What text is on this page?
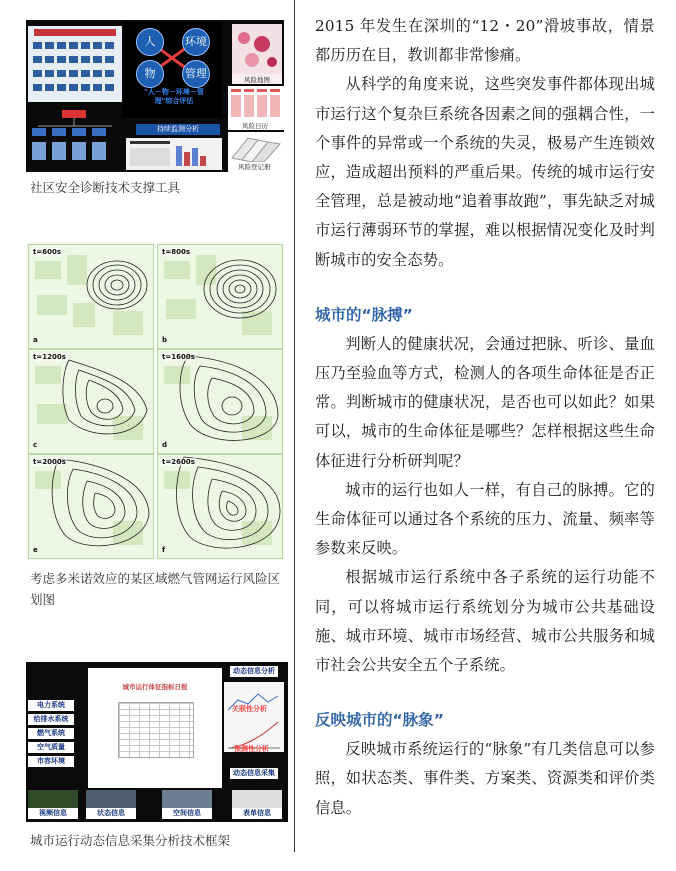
人	环境
物	管理
"人－物－环境－管理"综合评估
持续监测分析
风险地图
风险日历
风险登记册
社区安全诊断技术支撑工具
t=600s
a
t=800s
b
t=1200s
c
t=1600s
d
t=2000s
e
t=2600s
f
考虑多米诺效应的某区域燃气管网运行风险区划图
电力系统
给排水系统
燃气系统
空气质量
市容环境
城市运行体征指标日报
动态信息分析
关联性分析
预测性分析
动态信息采集
视频信息	状态信息	空间信息	表单信息
城市运行动态信息采集分析技术框架

2015 年发生在深圳的“12・20”滑坡事故，情景都历历在目，教训都非常惨痛。

从科学的角度来说，这些突发事件都体现出城市运行这个复杂巨系统各因素之间的强耦合性，一个事件的异常或一个系统的失灵，极易产生连锁效应，造成超出预料的严重后果。传统的城市运行安全管理，总是被动地“追着事故跑”，事先缺乏对城市运行薄弱环节的掌握，难以根据情况变化及时判断城市的安全态势。

城市的“脉搏”

判断人的健康状况，会通过把脉、听诊、量血压乃至验血等方式，检测人的各项生命体征是否正常。判断城市的健康状况，是否也可以如此？如果可以，城市的生命体征是哪些？怎样根据这些生命体征进行分析研判呢？

城市的运行也如人一样，有自己的脉搏。它的生命体征可以通过各个系统的压力、流量、频率等参数来反映。

根据城市运行系统中各子系统的运行功能不同，可以将城市运行系统划分为城市公共基础设施、城市环境、城市市场经营、城市公共服务和城市社会公共安全五个子系统。

反映城市的“脉象”

反映城市系统运行的“脉象”有几类信息可以参照，如状态类、事件类、方案类、资源类和评价类信息。
